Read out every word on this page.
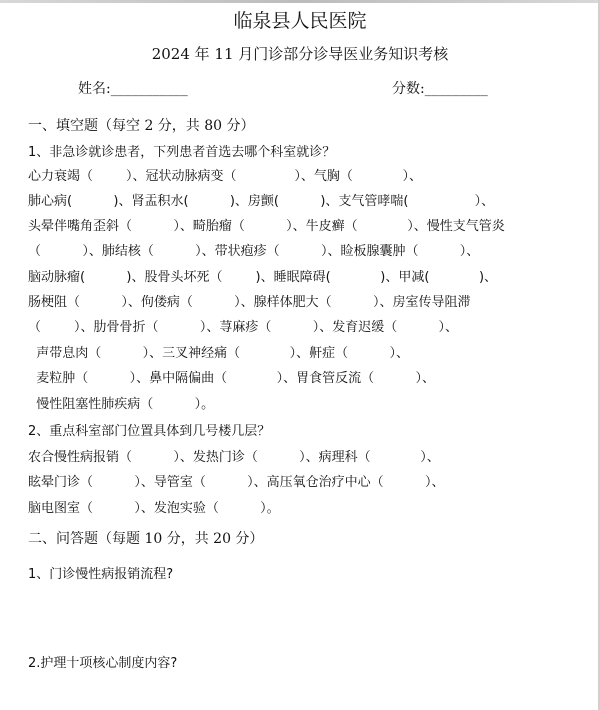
临泉县人民医院
2024 年 11 月门诊部分诊导医业务知识考核
姓名:___________	分数:_________
一、填空题（每空 2 分，共 80 分）
1、非急诊就诊患者，下列患者首选去哪个科室就诊？
心力衰竭（        ）、冠状动脉病变（              ）、气胸（            ）、
肺心病(          )、肾盂积水(          )、房颤(          )、支气管哮喘(                ）、
头晕伴嘴角歪斜（          ）、畸胎瘤（          ）、牛皮癣（            ）、慢性支气管炎
（          ）、肺结核（          ）、带状疱疹（          ）、睑板腺囊肿（          ）、
脑动脉瘤(          )、股骨头坏死（        )、睡眠障碍(            )、甲减(            )、
肠梗阻（          ）、佝偻病（          ）、腺样体肥大（          ）、房室传导阻滞
（        ）、肋骨骨折（          ）、荨麻疹（          ）、发育迟缓（          ）、
声带息肉（          ）、三叉神经痛（            ）、鼾症（          ）、
麦粒肿（          ）、鼻中隔偏曲（            ）、胃食管反流（          ）、
慢性阻塞性肺疾病（          ）。
2、重点科室部门位置具体到几号楼几层？
农合慢性病报销（          ）、发热门诊（          ）、病理科（            ）、
眩晕门诊（          ）、导管室（          ）、高压氧仓治疗中心（          ）、
脑电图室（          ）、发泡实验（          ）。
二、问答题（每题 10 分，共 20 分）
1、门诊慢性病报销流程?
2.护理十项核心制度内容?
